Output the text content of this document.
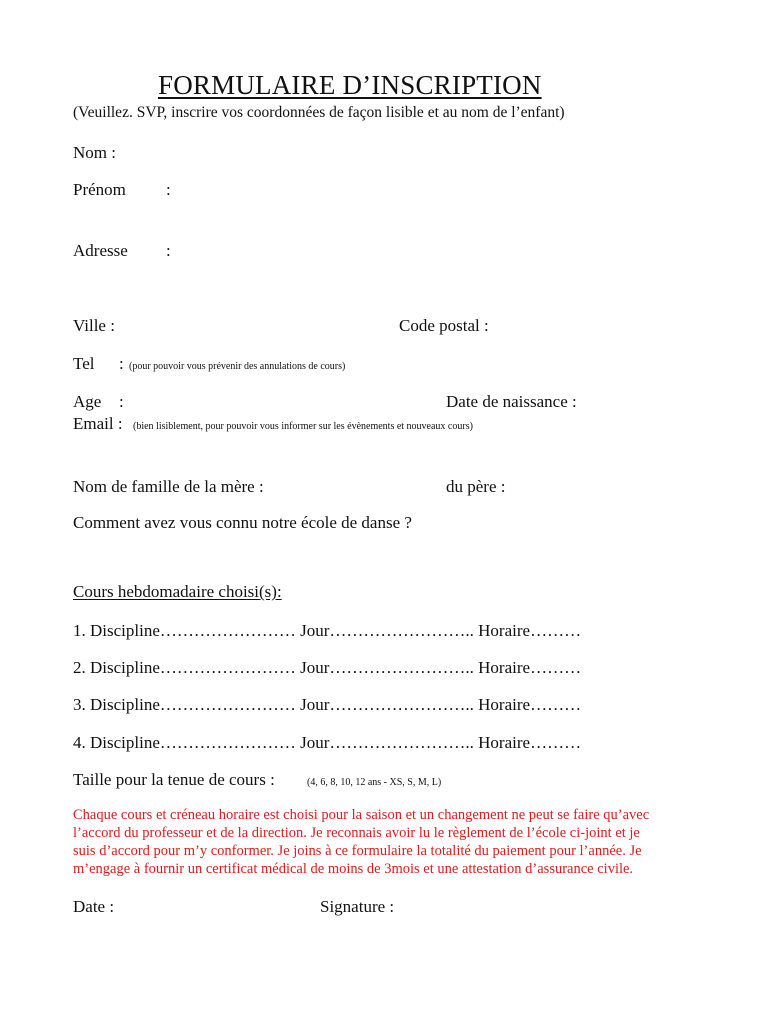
FORMULAIRE D’INSCRIPTION
(Veuillez. SVP, inscrire vos coordonnées de façon lisible et au nom de l’enfant)
Nom :
Prénom :
Adresse :
Ville :	Code postal :
Tel : (pour pouvoir vous prévenir des annulations de cours)
Age :	Date de naissance :
Email : (bien lisiblement, pour pouvoir vous informer sur les évènements et nouveaux cours)
Nom de famille de la mère :	du père :
Comment avez vous connu notre école de danse ?
Cours hebdomadaire choisi(s):
1. Discipline…………………… Jour…………………….. Horaire………
2. Discipline…………………… Jour…………………….. Horaire………
3. Discipline…………………… Jour…………………….. Horaire………
4. Discipline…………………… Jour…………………….. Horaire………
Taille pour la tenue de cours :	(4, 6, 8, 10, 12 ans - XS, S, M, L)
Chaque cours et créneau horaire est choisi pour la saison et un changement ne peut se faire qu’avec
l’accord du professeur et de la direction. Je reconnais avoir lu le règlement de l’école ci-joint et je
suis d’accord pour m’y conformer. Je joins à ce formulaire la totalité du paiement pour l’année. Je
m’engage à fournir un certificat médical de moins de 3mois et une attestation d’assurance civile.
Date :	Signature :
